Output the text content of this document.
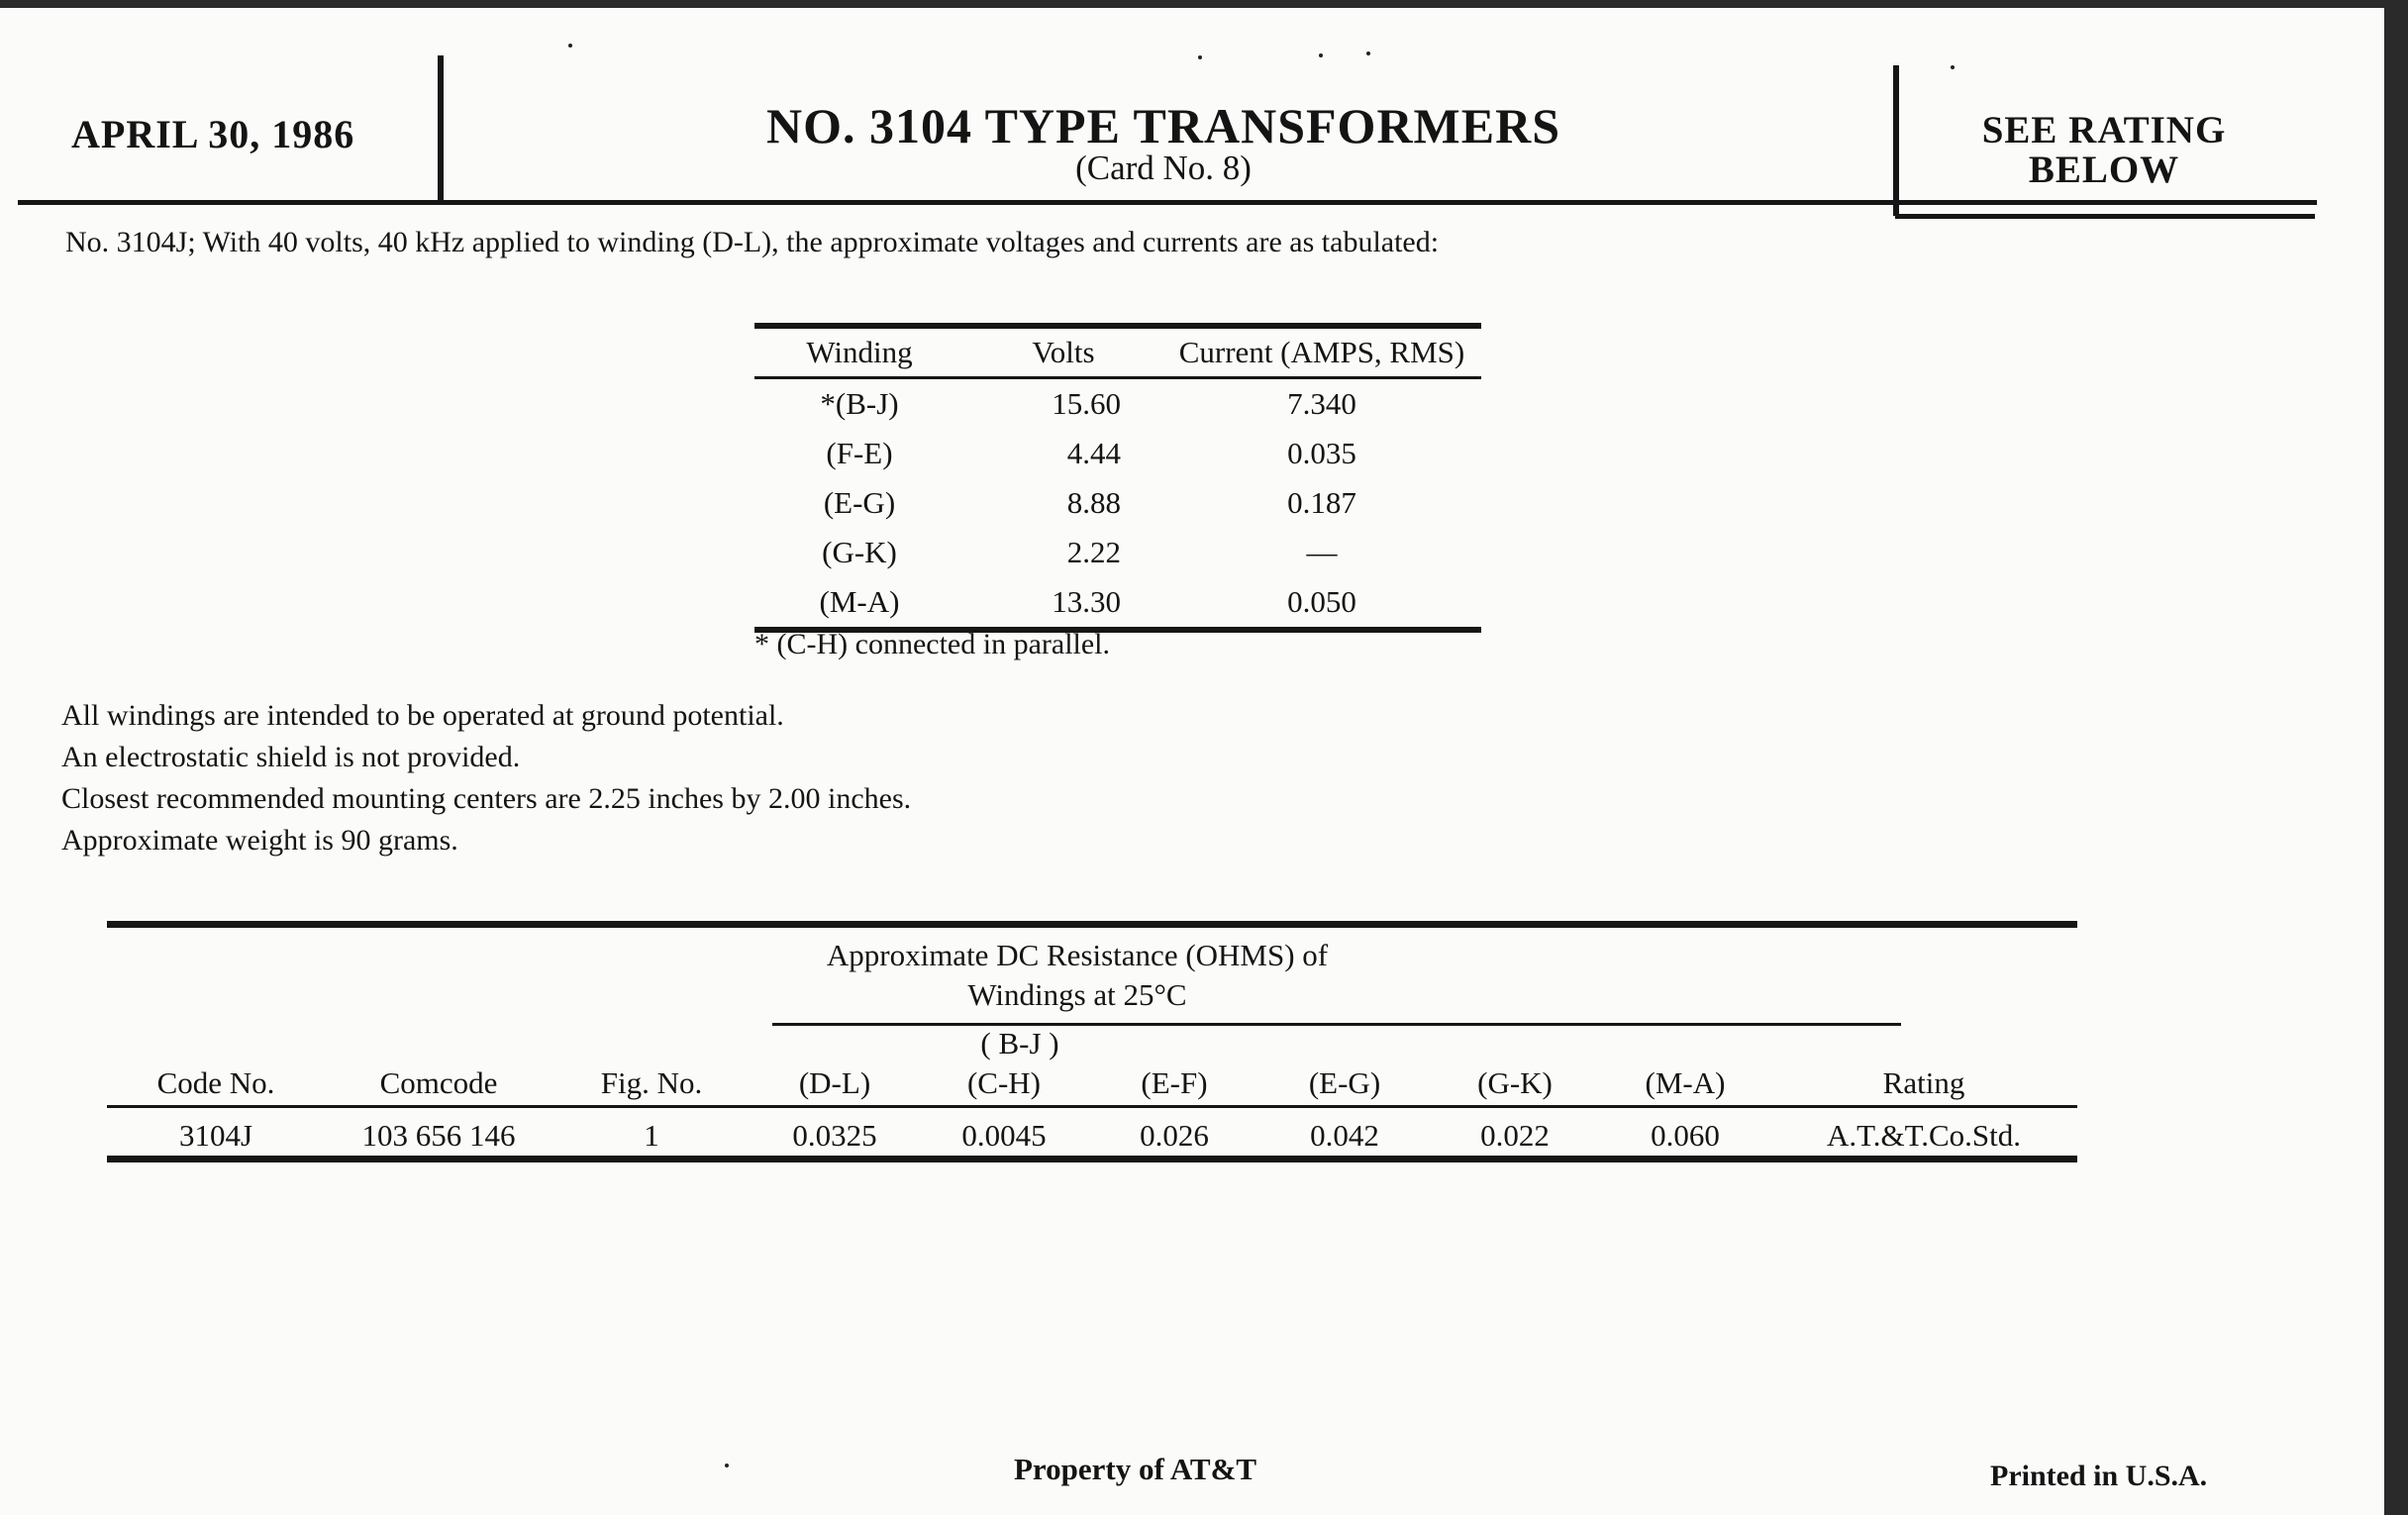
APRIL 30, 1986	NO. 3104 TYPE TRANSFORMERS
(Card No. 8)
SEE RATING
BELOW
No. 3104J; With 40 volts, 40 kHz applied to winding (D-L), the approximate voltages and currents are as tabulated:
Winding	Volts	Current (AMPS, RMS)
*(B-J)	15.60	7.340
(F-E)	4.44	0.035
(E-G)	8.88	0.187
(G-K)	2.22	—
(M-A)	13.30	0.050
* (C-H) connected in parallel.
All windings are intended to be operated at ground potential.
An electrostatic shield is not provided.
Closest recommended mounting centers are 2.25 inches by 2.00 inches.
Approximate weight is 90 grams.
Approximate DC Resistance (OHMS) of
Windings at 25°C
( B-J )
Code No.	Comcode	Fig. No.	(D-L)	(C-H)	(E-F)	(E-G)	(G-K)	(M-A)	Rating
3104J	103 656 146	1	0.0325	0.0045	0.026	0.042	0.022	0.060	A.T.&T.Co.Std.
Property of AT&T	Printed in U.S.A.
